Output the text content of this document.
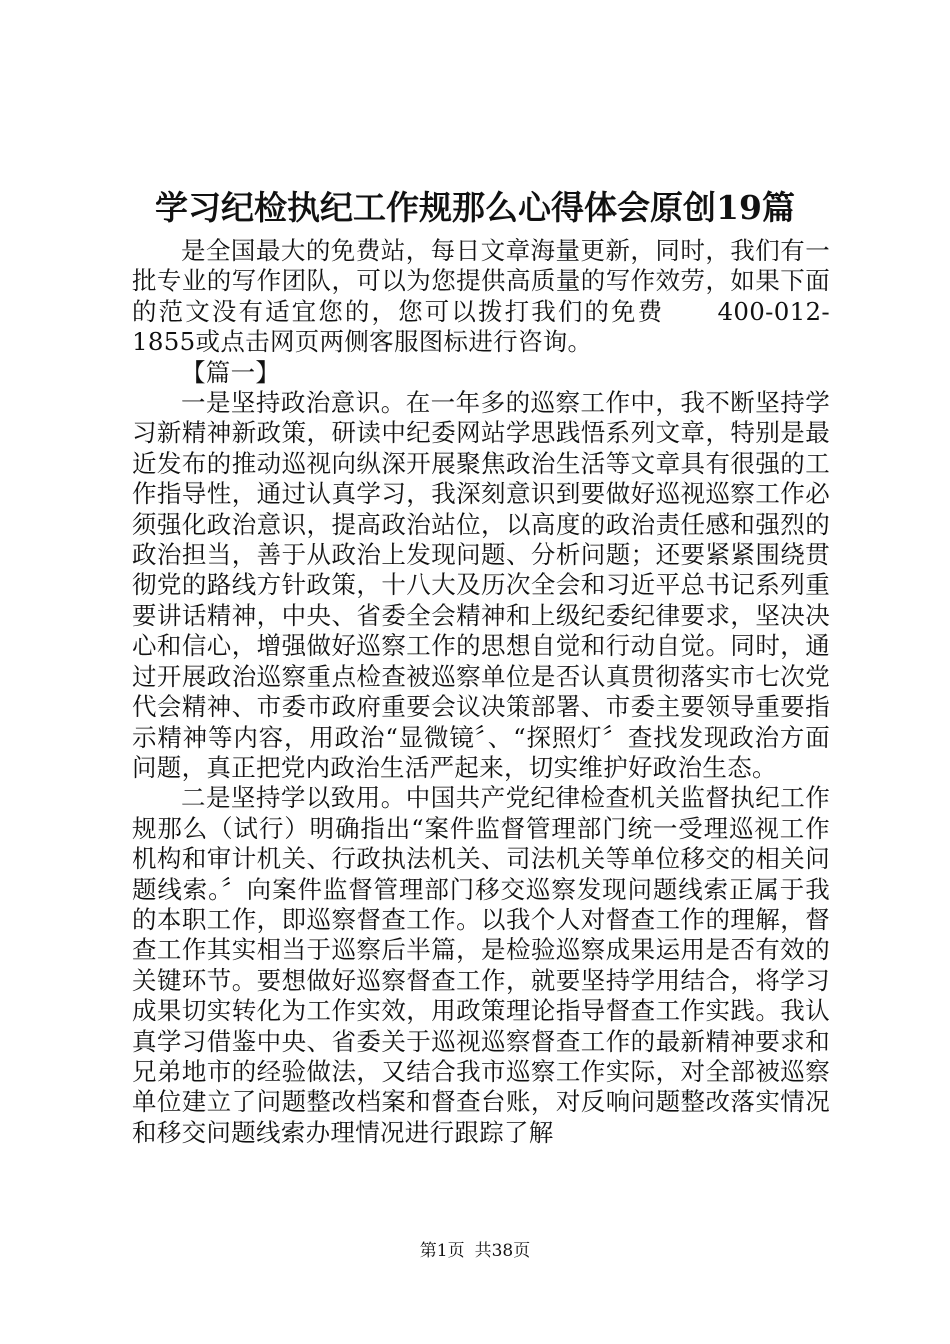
学习纪检执纪工作规那么心得体会原创19篇

是全国最大的免费站，每日文章海量更新，同时，我们有一批专业的写作团队，可以为您提供高质量的写作效劳，如果下面的范文没有适宜您的，您可以拨打我们的免费　　400-012-1855或点击网页两侧客服图标进行咨询。

【篇一】

一是坚持政治意识。在一年多的巡察工作中，我不断坚持学习新精神新政策，研读中纪委网站学思践悟系列文章，特别是最近发布的推动巡视向纵深开展聚焦政治生活等文章具有很强的工作指导性，通过认真学习，我深刻意识到要做好巡视巡察工作必须强化政治意识，提高政治站位，以高度的政治责任感和强烈的政治担当，善于从政治上发现问题、分析问题；还要紧紧围绕贯彻党的路线方针政策，十八大及历次全会和习近平总书记系列重要讲话精神，中央、省委全会精神和上级纪委纪律要求，坚决决心和信心，增强做好巡察工作的思想自觉和行动自觉。同时，通过开展政治巡察重点检查被巡察单位是否认真贯彻落实市七次党代会精神、市委市政府重要会议决策部署、市委主要领导重要指示精神等内容，用政治“显微镜〞、“探照灯〞查找发现政治方面问题，真正把党内政治生活严起来，切实维护好政治生态。

二是坚持学以致用。中国共产党纪律检查机关监督执纪工作规那么（试行）明确指出“案件监督管理部门统一受理巡视工作机构和审计机关、行政执法机关、司法机关等单位移交的相关问题线索。〞向案件监督管理部门移交巡察发现问题线索正属于我的本职工作，即巡察督查工作。以我个人对督查工作的理解，督查工作其实相当于巡察后半篇，是检验巡察成果运用是否有效的关键环节。要想做好巡察督查工作，就要坚持学用结合，将学习成果切实转化为工作实效，用政策理论指导督查工作实践。我认真学习借鉴中央、省委关于巡视巡察督查工作的最新精神要求和兄弟地市的经验做法，又结合我市巡察工作实际，对全部被巡察单位建立了问题整改档案和督查台账，对反响问题整改落实情况和移交问题线索办理情况进行跟踪了解

第1页 共38页
